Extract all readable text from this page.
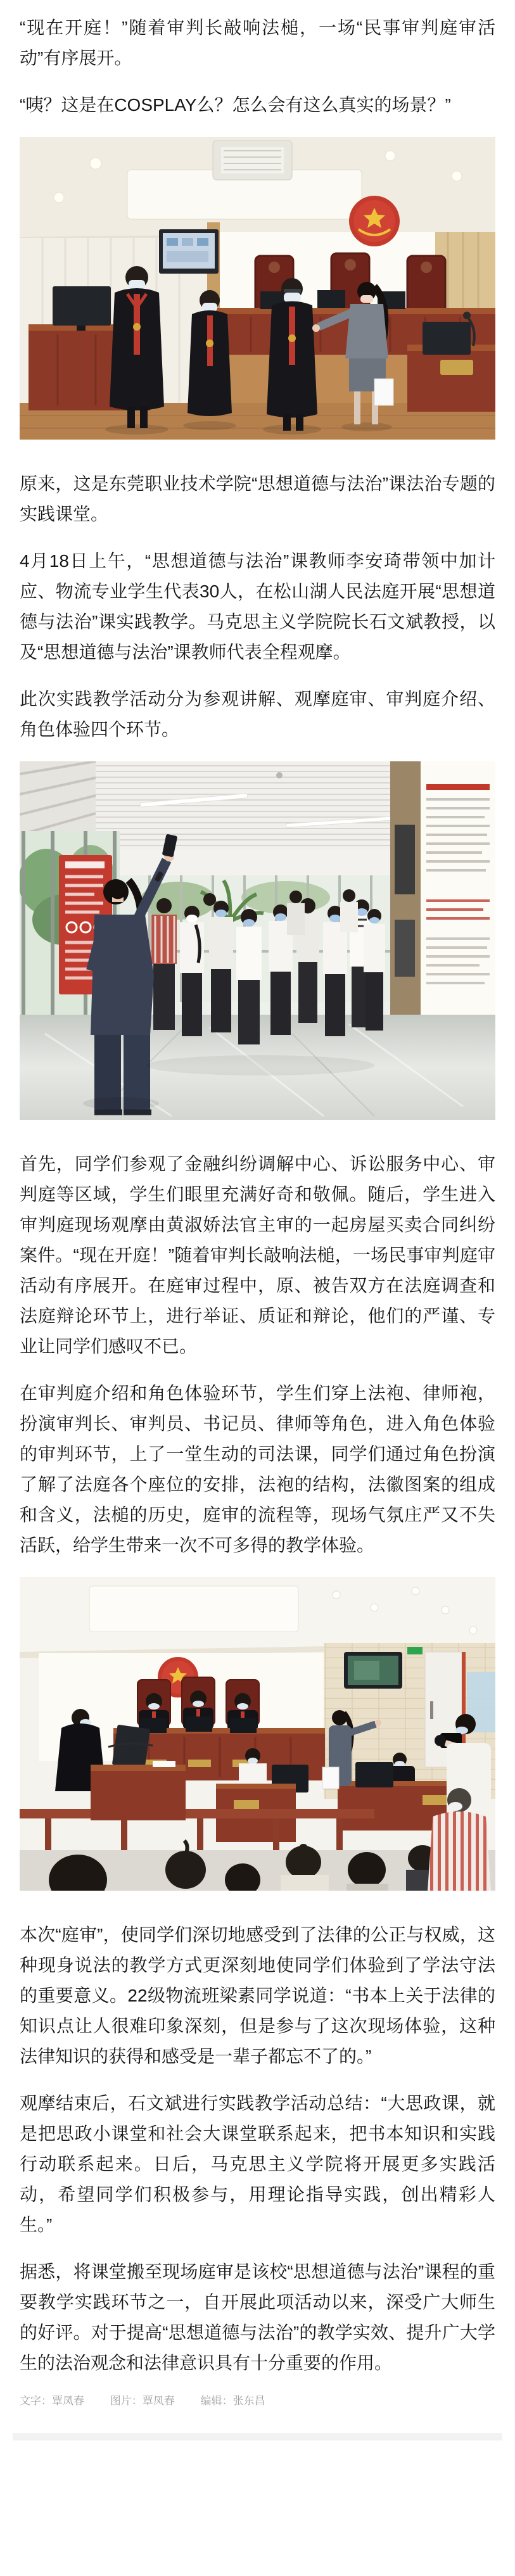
“现在开庭！”随着审判长敲响法槌，一场“民事审判庭审活动”有序展开。

“咦？这是在COSPLAY么？怎么会有这么真实的场景？”

原来，这是东莞职业技术学院“思想道德与法治”课法治专题的实践课堂。

4月18日上午，“思想道德与法治”课教师李安琦带领中加计应、物流专业学生代表30人，在松山湖人民法庭开展“思想道德与法治”课实践教学。马克思主义学院院长石文斌教授，以及“思想道德与法治”课教师代表全程观摩。

此次实践教学活动分为参观讲解、观摩庭审、审判庭介绍、角色体验四个环节。

首先，同学们参观了金融纠纷调解中心、诉讼服务中心、审判庭等区域，学生们眼里充满好奇和敬佩。随后，学生进入审判庭现场观摩由黄淑娇法官主审的一起房屋买卖合同纠纷案件。“现在开庭！”随着审判长敲响法槌，一场民事审判庭审活动有序展开。在庭审过程中，原、被告双方在法庭调查和法庭辩论环节上，进行举证、质证和辩论，他们的严谨、专业让同学们感叹不已。

在审判庭介绍和角色体验环节，学生们穿上法袍、律师袍，扮演审判长、审判员、书记员、律师等角色，进入角色体验的审判环节，上了一堂生动的司法课，同学们通过角色扮演了解了法庭各个座位的安排，法袍的结构，法徽图案的组成和含义，法槌的历史，庭审的流程等，现场气氛庄严又不失活跃，给学生带来一次不可多得的教学体验。

本次“庭审”，使同学们深切地感受到了法律的公正与权威，这种现身说法的教学方式更深刻地使同学们体验到了学法守法的重要意义。22级物流班梁素同学说道：“书本上关于法律的知识点让人很难印象深刻，但是参与了这次现场体验，这种法律知识的获得和感受是一辈子都忘不了的。”

观摩结束后，石文斌进行实践教学活动总结：“大思政课，就是把思政小课堂和社会大课堂联系起来，把书本知识和实践行动联系起来。日后，马克思主义学院将开展更多实践活动，希望同学们积极参与，用理论指导实践，创出精彩人生。”

据悉，将课堂搬至现场庭审是该校“思想道德与法治”课程的重要教学实践环节之一，自开展此项活动以来，深受广大师生的好评。对于提高“思想道德与法治”的教学实效、提升广大学生的法治观念和法律意识具有十分重要的作用。

文字：覃凤春 图片：覃凤春 编辑：张东昌
